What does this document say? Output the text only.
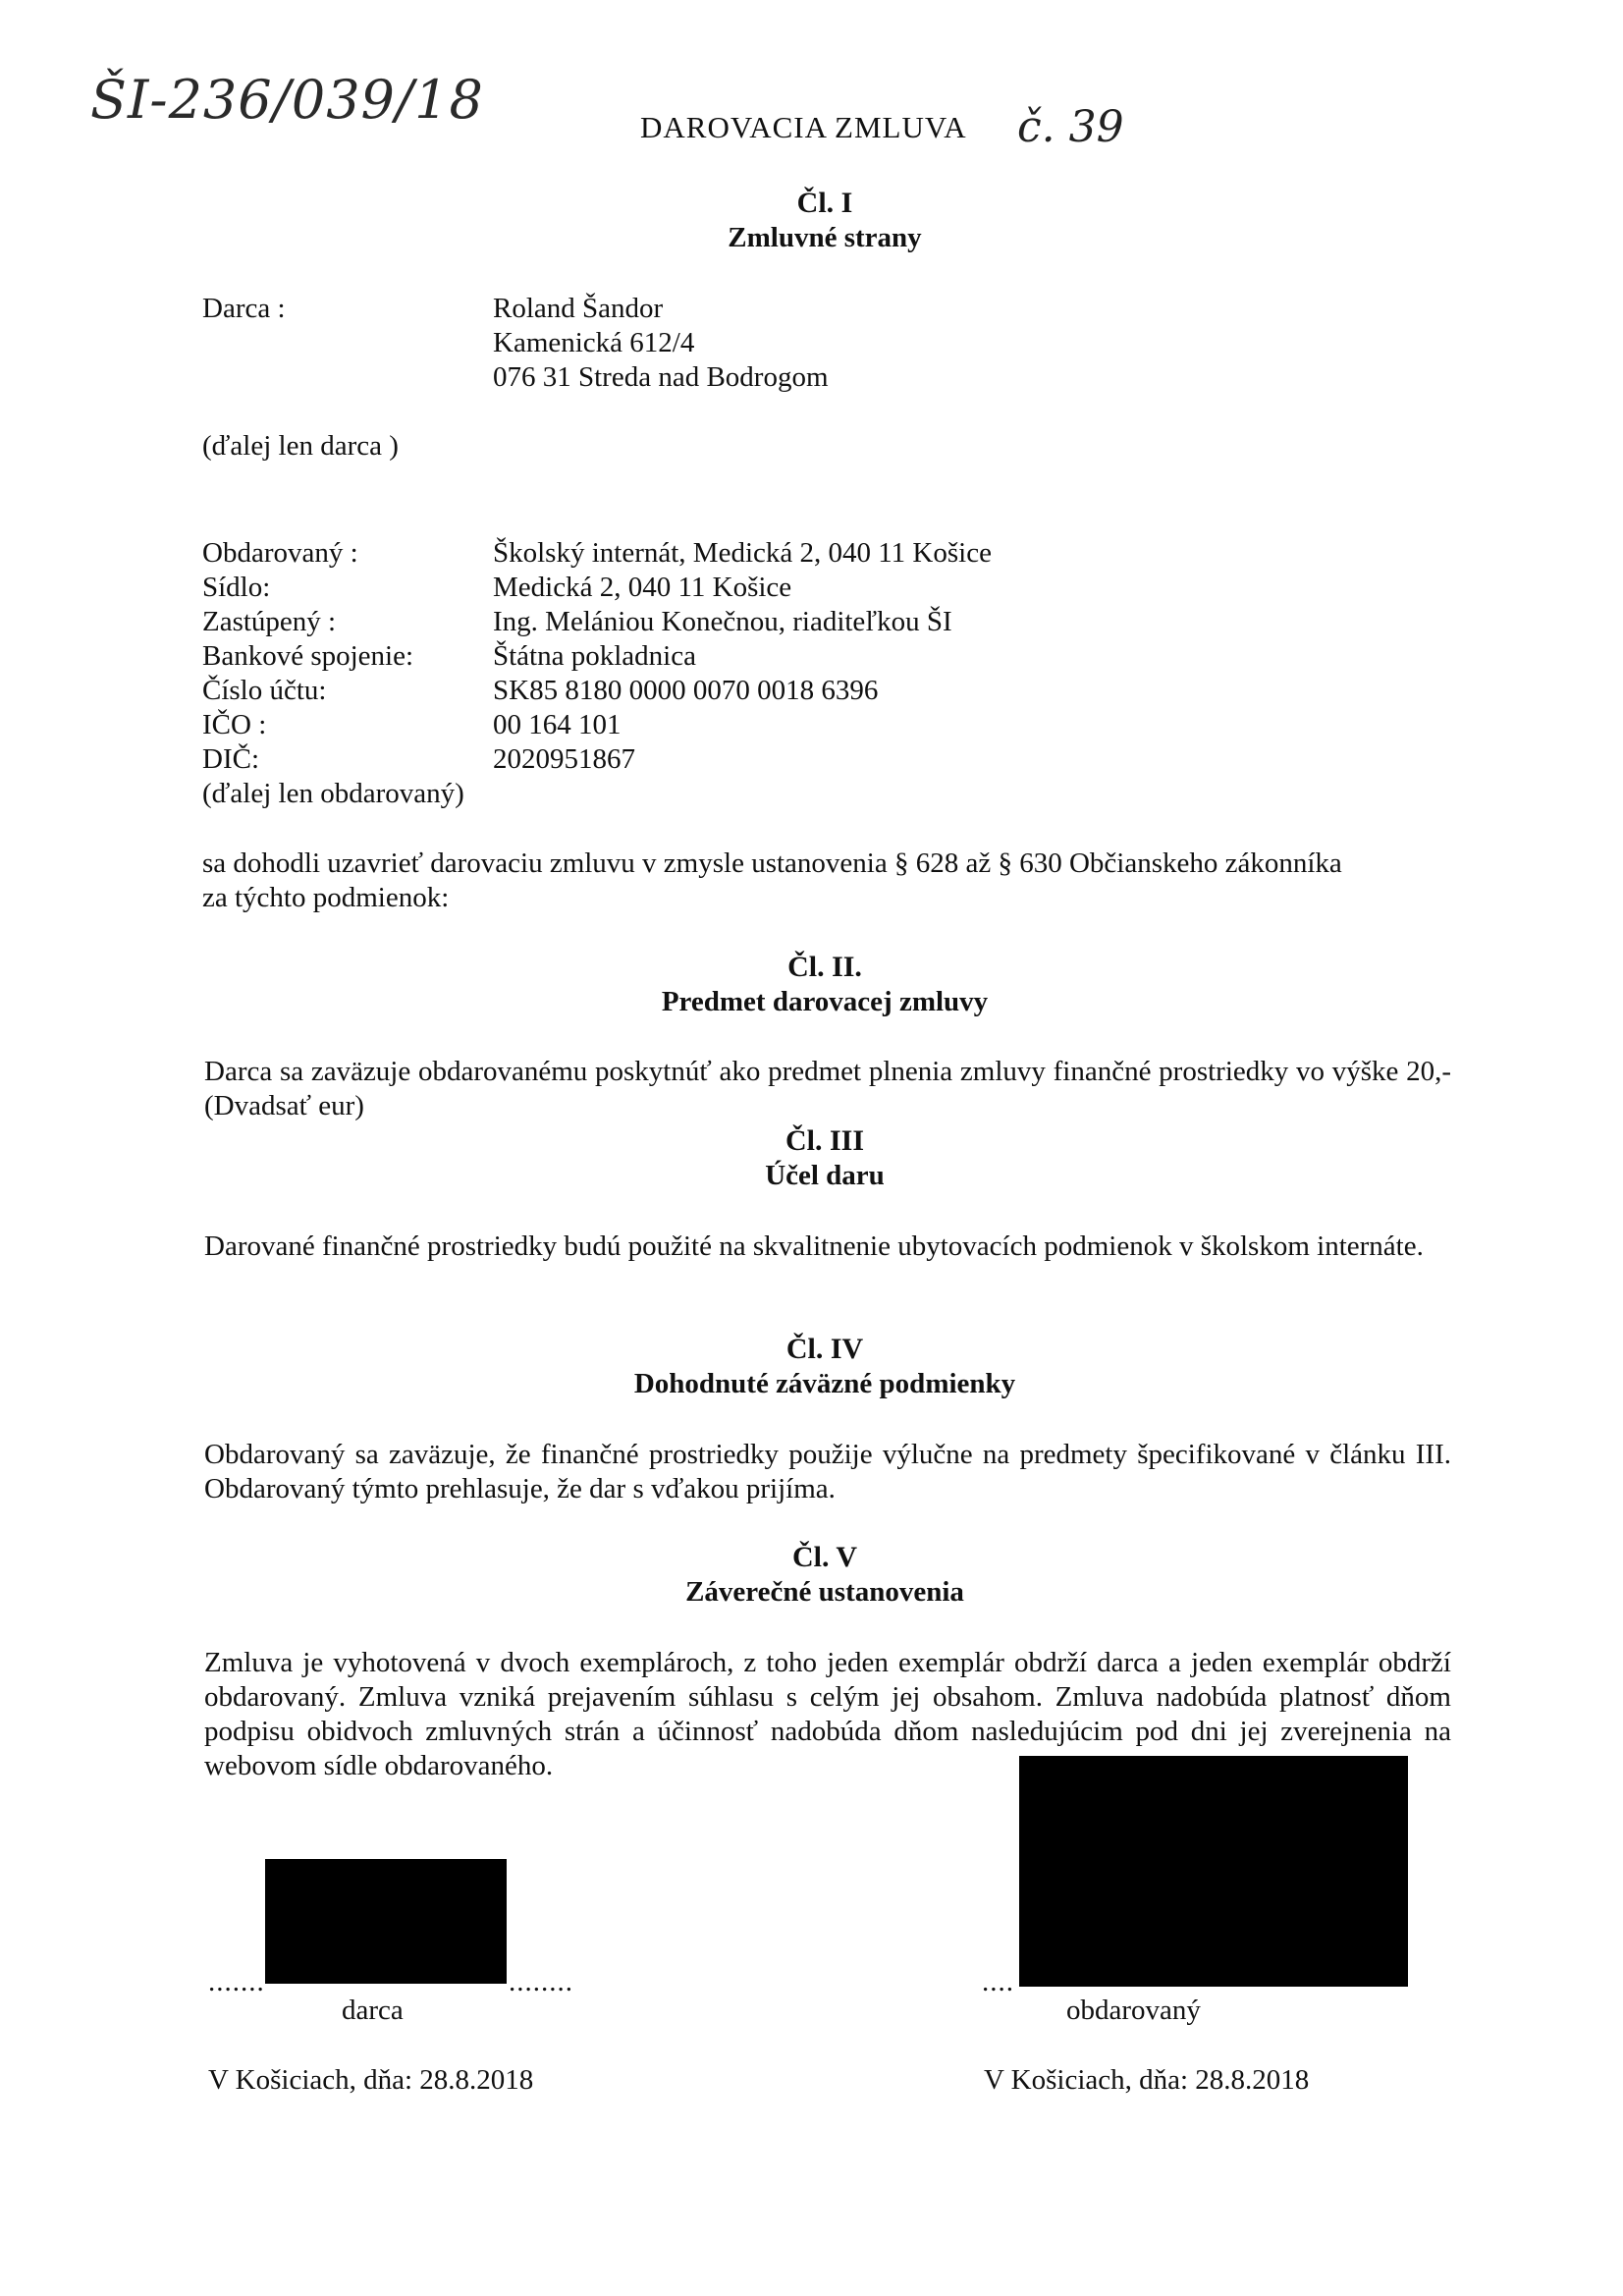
ŠI-236/039/18	DAROVACIA ZMLUVA č. 39
Čl. I
Zmluvné strany
Darca :	Roland Šandor
Kamenická 612/4
076 31 Streda nad Bodrogom
(ďalej len darca )
Obdarovaný :	Školský internát, Medická 2, 040 11 Košice
Sídlo:	Medická 2, 040 11 Košice
Zastúpený :	Ing. Melániou Konečnou, riaditeľkou ŠI
Bankové spojenie:	Štátna pokladnica
Číslo účtu:	SK85 8180 0000 0070 0018 6396
IČO :	00 164 101
DIČ:	2020951867
(ďalej len obdarovaný)
sa dohodli uzavrieť darovaciu zmluvu v zmysle ustanovenia § 628 až § 630 Občianskeho zákonníka
za týchto podmienok:
Čl. II.
Predmet darovacej zmluvy

Darca sa zaväzuje obdarovanému poskytnúť ako predmet plnenia zmluvy finančné prostriedky vo výške 20,- (Dvadsať eur)

Čl. III
Účel daru

Darované finančné prostriedky budú použité na skvalitnenie ubytovacích podmienok v školskom internáte.

Čl. IV
Dohodnuté záväzné podmienky

Obdarovaný sa zaväzuje, že finančné prostriedky použije výlučne na predmety špecifikované v článku III. Obdarovaný týmto prehlasuje, že dar s vďakou prijíma.

Čl. V
Záverečné ustanovenia

Zmluva je vyhotovená v dvoch exemplároch, z toho jeden exemplár obdrží darca a jeden exemplár obdrží obdarovaný. Zmluva vzniká prejavením súhlasu s celým jej obsahom. Zmluva nadobúda platnosť dňom podpisu obidvoch zmluvných strán a účinnosť nadobúda dňom nasledujúcim pod dni jej zverejnenia na webovom sídle obdarovaného.

.......	........	....
darca	obdarovaný
V Košiciach, dňa: 28.8.2018	V Košiciach, dňa: 28.8.2018
